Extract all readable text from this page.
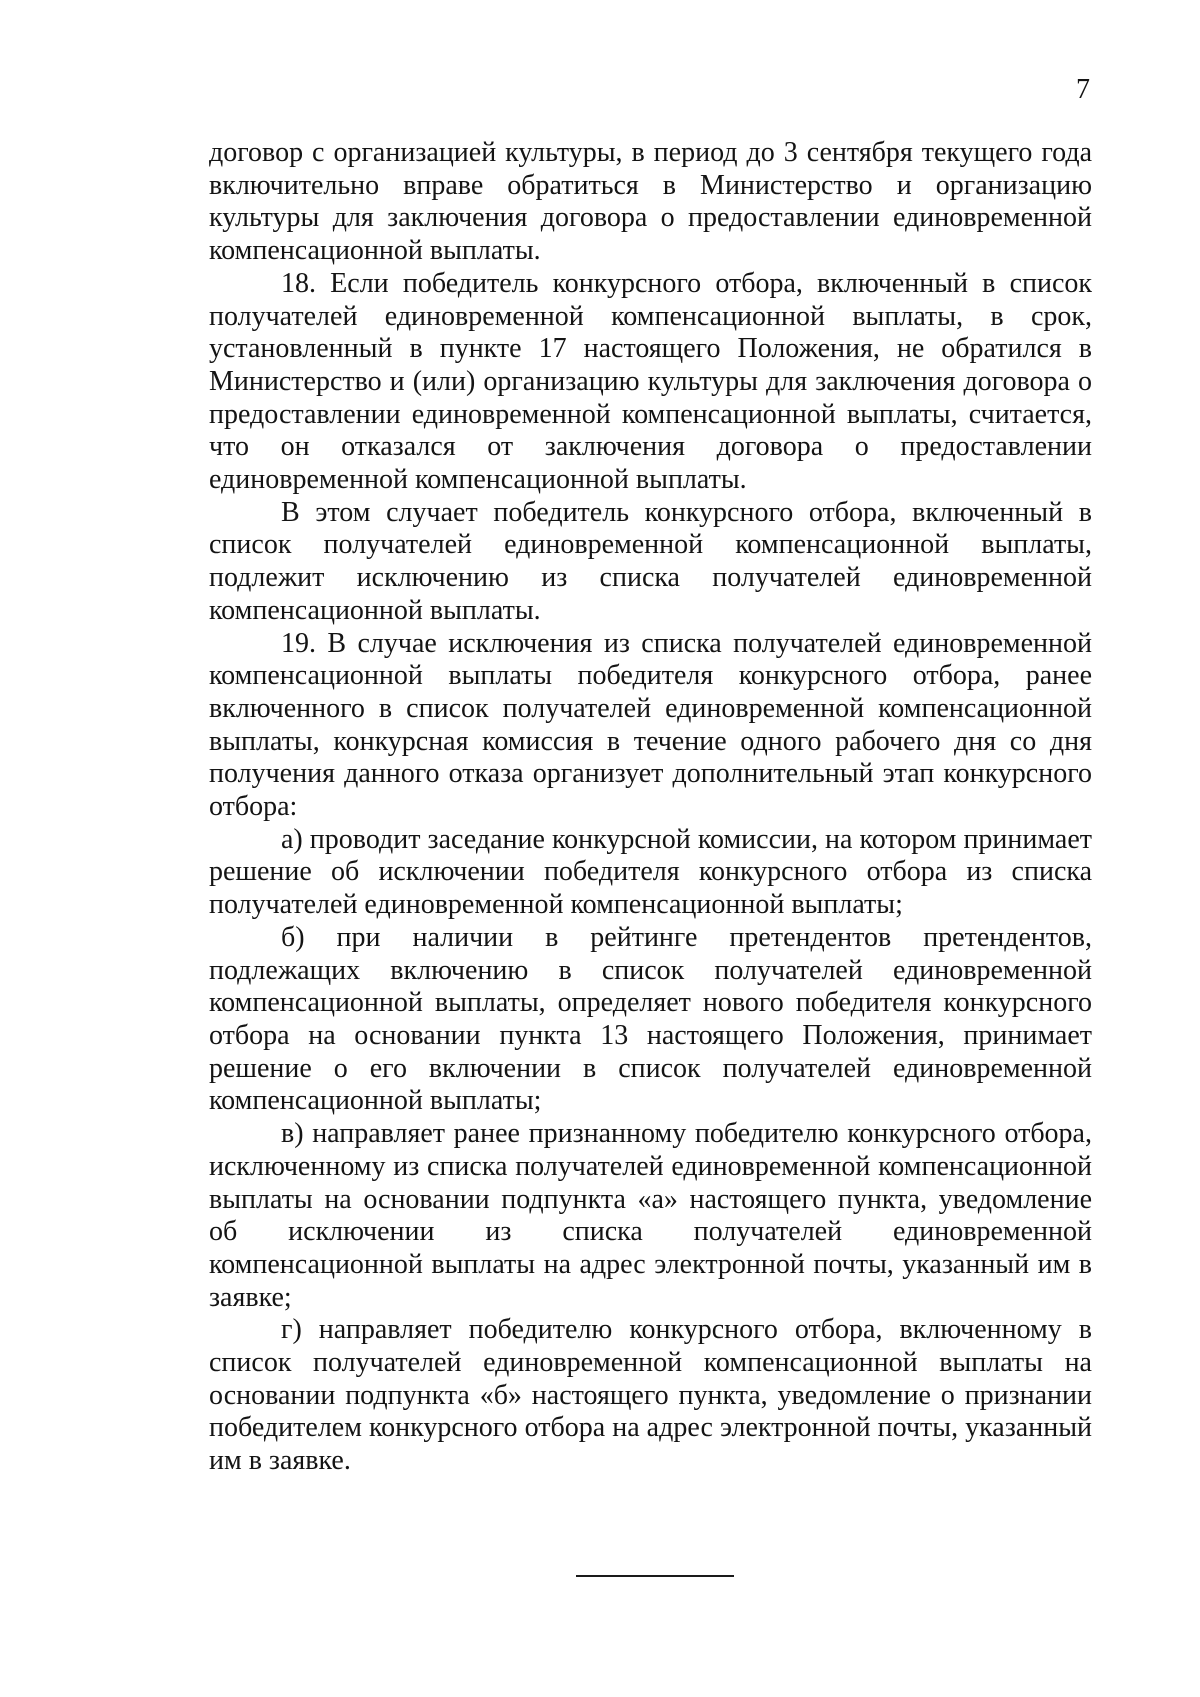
7

договор с организацией культуры, в период до 3 сентября текущего года включительно вправе обратиться в Министерство и организацию культуры для заключения договора о предоставлении единовременной компенсационной выплаты.

18. Если победитель конкурсного отбора, включенный в список получателей единовременной компенсационной выплаты, в срок, установленный в пункте 17 настоящего Положения, не обратился в Министерство и (или) организацию культуры для заключения договора о предоставлении единовременной компенсационной выплаты, считается, что он отказался от заключения договора о предоставлении единовременной компенсационной выплаты.

В этом случает победитель конкурсного отбора, включенный в список получателей единовременной компенсационной выплаты, подлежит исключению из списка получателей единовременной компенсационной выплаты.

19. В случае исключения из списка получателей единовременной компенсационной выплаты победителя конкурсного отбора, ранее включенного в список получателей единовременной компенсационной выплаты, конкурсная комиссия в течение одного рабочего дня со дня получения данного отказа организует дополнительный этап конкурсного отбора:

а) проводит заседание конкурсной комиссии, на котором принимает решение об исключении победителя конкурсного отбора из списка получателей единовременной компенсационной выплаты;

б) при наличии в рейтинге претендентов претендентов, подлежащих включению в список получателей единовременной компенсационной выплаты, определяет нового победителя конкурсного отбора на основании пункта 13 настоящего Положения, принимает решение о его включении в список получателей единовременной компенсационной выплаты;

в) направляет ранее признанному победителю конкурсного отбора, исключенному из списка получателей единовременной компенсационной выплаты на основании подпункта «а» настоящего пункта, уведомление об исключении из списка получателей единовременной компенсационной выплаты на адрес электронной почты, указанный им в заявке;

г) направляет победителю конкурсного отбора, включенному в список получателей единовременной компенсационной выплаты на основании подпункта «б» настоящего пункта, уведомление о признании победителем конкурсного отбора на адрес электронной почты, указанный им в заявке.
